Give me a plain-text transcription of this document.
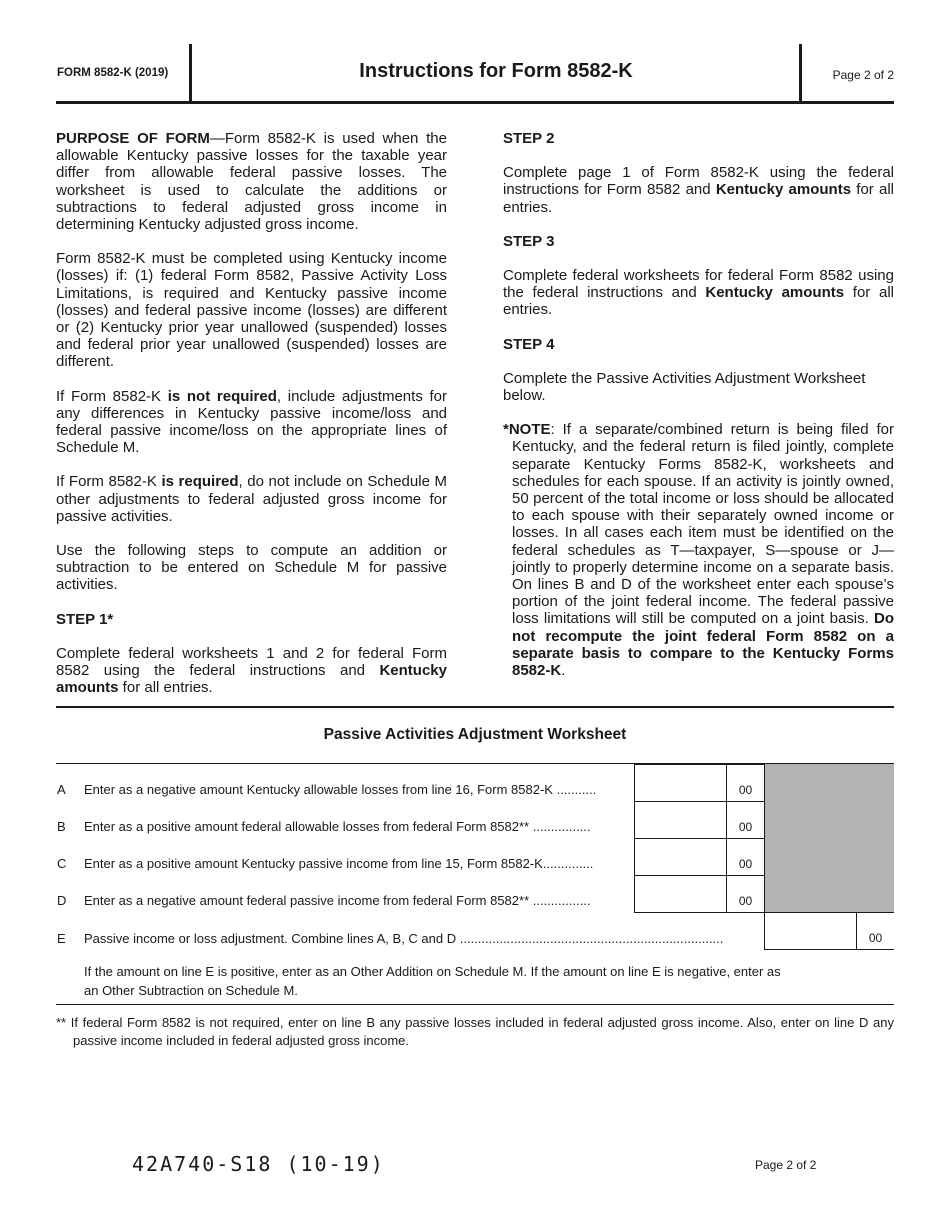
FORM 8582-K (2019)	Instructions for Form 8582-K	Page 2 of 2

PURPOSE OF FORM—Form 8582-K is used when the allowable Kentucky passive losses for the taxable year differ from allowable federal passive losses. The worksheet is used to calculate the additions or subtractions to federal adjusted gross income in determining Kentucky adjusted gross income.

Form 8582-K must be completed using Kentucky income (losses) if: (1) federal Form 8582, Passive Activity Loss Limitations, is required and Kentucky passive income (losses) and federal passive income (losses) are different or (2) Kentucky prior year unallowed (suspended) losses and federal prior year unallowed (suspended) losses are different.

If Form 8582-K is not required, include adjustments for any differences in Kentucky passive income/loss and federal passive income/loss on the appropriate lines of Schedule M.

If Form 8582-K is required, do not include on Schedule M other adjustments to federal adjusted gross income for passive activities.

Use the following steps to compute an addition or subtraction to be entered on Schedule M for passive activities.

STEP 1*

Complete federal worksheets 1 and 2 for federal Form 8582 using the federal instructions and Kentucky amounts for all entries.

STEP 2

Complete page 1 of Form 8582-K using the federal instructions for Form 8582 and Kentucky amounts for all entries.

STEP 3

Complete federal worksheets for federal Form 8582 using the federal instructions and Kentucky amounts for all entries.

STEP 4

Complete the Passive Activities Adjustment Worksheet below.

*NOTE: If a separate/combined return is being filed for Kentucky, and the federal return is filed jointly, complete separate Kentucky Forms 8582-K, worksheets and schedules for each spouse. If an activity is jointly owned, 50 percent of the total income or loss should be allocated to each spouse with their separately owned income or losses. In all cases each item must be identified on the federal schedules as T—taxpayer, S—spouse or J—jointly to properly determine income on a separate basis. On lines B and D of the worksheet enter each spouse’s portion of the joint federal income. The federal passive loss limitations will still be computed on a joint basis. Do not recompute the joint federal Form 8582 on a separate basis to compare to the Kentucky Forms 8582-K.

Passive Activities Adjustment Worksheet
A Enter as a negative amount Kentucky allowable losses from line 16, Form 8582-K ...........	00
B Enter as a positive amount federal allowable losses from federal Form 8582** ................	00
C Enter as a positive amount Kentucky passive income from line 15, Form 8582-K..............	00
D Enter as a negative amount federal passive income from federal Form 8582** ................	00
E Passive income or loss adjustment. Combine lines A, B, C and D .........................................................................	00
If the amount on line E is positive, enter as an Other Addition on Schedule M. If the amount on line E is negative, enter as an Other Subtraction on Schedule M.
** If federal Form 8582 is not required, enter on line B any passive losses included in federal adjusted gross income. Also, enter on line D any passive income included in federal adjusted gross income.
42A740-S18 (10-19)	Page 2 of 2
